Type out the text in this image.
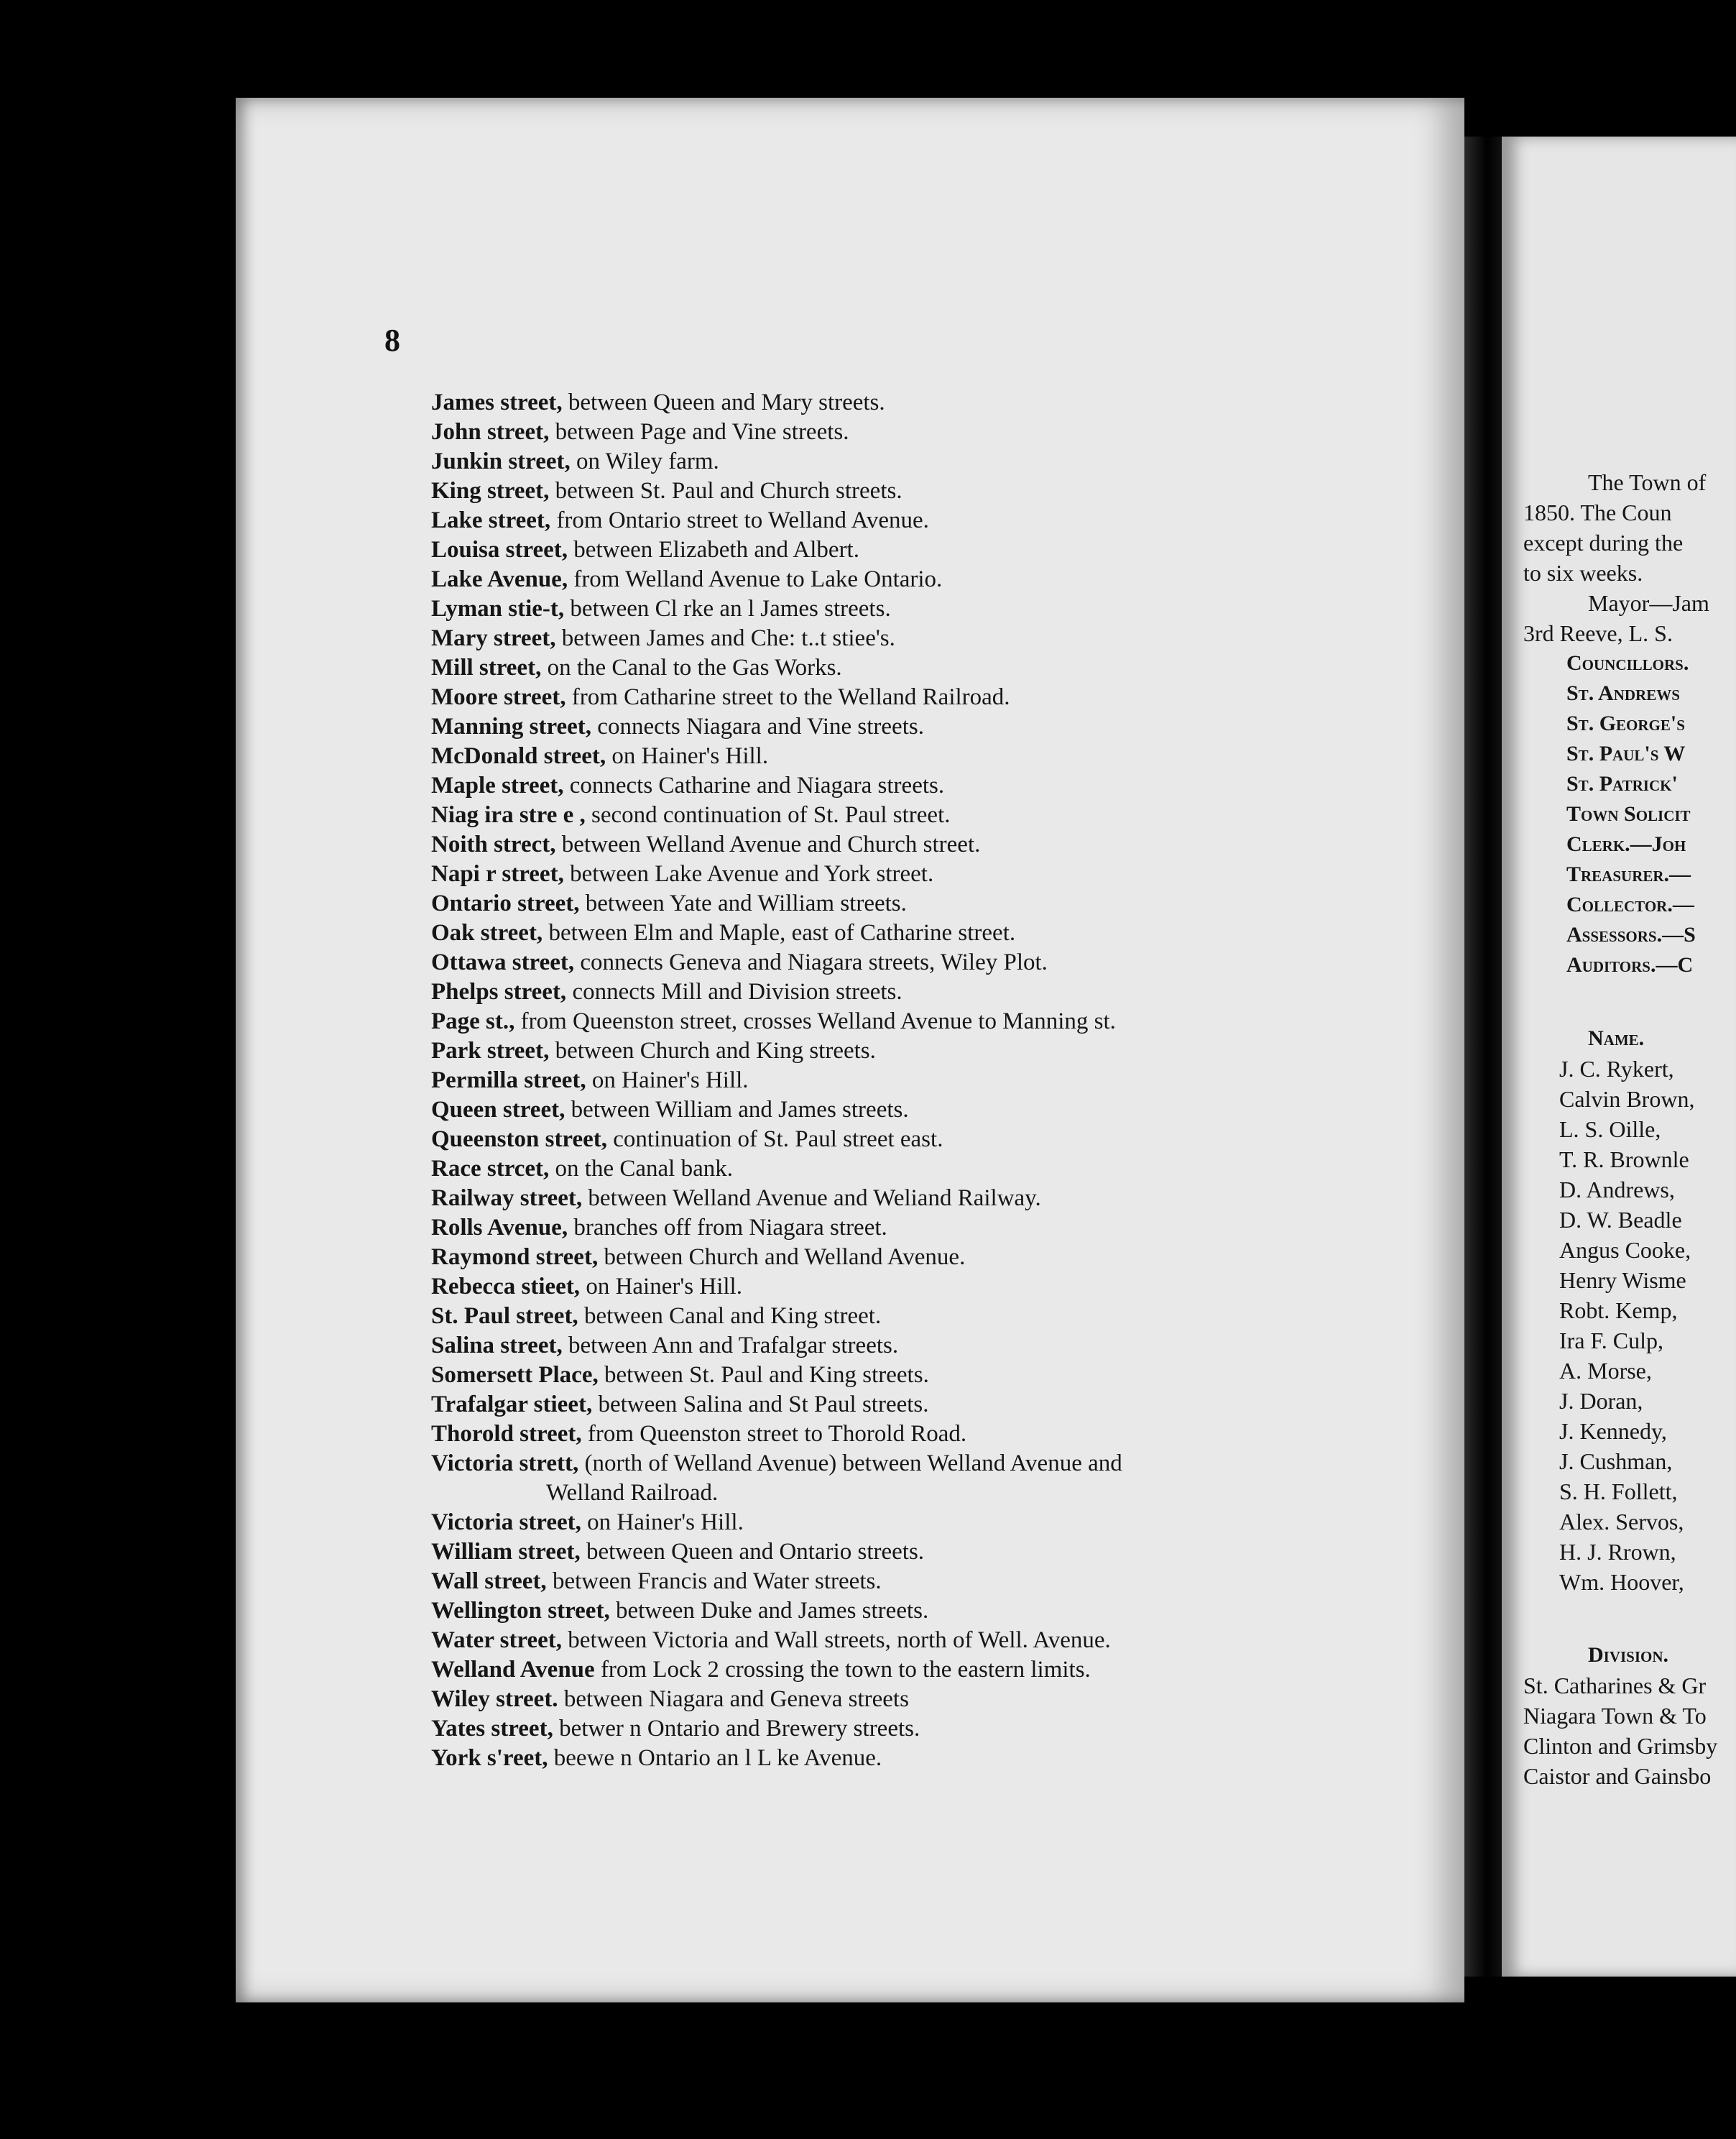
The Town of
1850. The Coun
except during the
to six weeks.
Mayor—Jam
3rd Reeve, L. S.
Councillors.
St. Andrews
St. George's
St. Paul's W
St. Patrick'
Town Solicit
Clerk.—Joh
Treasurer.—
Collector.—
Assessors.—S
Auditors.—C
Name.
J. C. Rykert,
Calvin Brown,
L. S. Oille,
T. R. Brownle
D. Andrews,
D. W. Beadle
Angus Cooke,
Henry Wisme
Robt. Kemp,
Ira F. Culp,
A. Morse,
J. Doran,
J. Kennedy,
J. Cushman,
S. H. Follett,
Alex. Servos,
H. J. Rrown,
Wm. Hoover,
Division.
St. Catharines & Gr
Niagara Town & To
Clinton and Grimsby
Caistor and Gainsbo
8
James street, between Queen and Mary streets.
John street, between Page and Vine streets.
Junkin street, on Wiley farm.
King street, between St. Paul and Church streets.
Lake street, from Ontario street to Welland Avenue.
Louisa street, between Elizabeth and Albert.
Lake Avenue, from Welland Avenue to Lake Ontario.
Lyman stie-t, between Cl rke an l James streets.
Mary street, between James and Che: t..t stiee's.
Mill street, on the Canal to the Gas Works.
Moore street, from Catharine street to the Welland Railroad.
Manning street, connects Niagara and Vine streets.
McDonald street, on Hainer's Hill.
Maple street, connects Catharine and Niagara streets.
Niag ira stre e , second continuation of St. Paul street.
Noith strect, between Welland Avenue and Church street.
Napi r street, between Lake Avenue and York street.
Ontario street, between Yate and William streets.
Oak street, between Elm and Maple, east of Catharine street.
Ottawa street, connects Geneva and Niagara streets, Wiley Plot.
Phelps street, connects Mill and Division streets.
Page st., from Queenston street, crosses Welland Avenue to Manning st.
Park street, between Church and King streets.
Permilla street, on Hainer's Hill.
Queen street, between William and James streets.
Queenston street, continuation of St. Paul street east.
Race strcet, on the Canal bank.
Railway street, between Welland Avenue and Weliand Railway.
Rolls Avenue, branches off from Niagara street.
Raymond street, between Church and Welland Avenue.
Rebecca stieet, on Hainer's Hill.
St. Paul street, between Canal and King street.
Salina street, between Ann and Trafalgar streets.
Somersett Place, between St. Paul and King streets.
Trafalgar stieet, between Salina and St Paul streets.
Thorold street, from Queenston street to Thorold Road.
Victoria strett, (north of Welland Avenue) between Welland Avenue and
Welland Railroad.
Victoria street, on Hainer's Hill.
William street, between Queen and Ontario streets.
Wall street, between Francis and Water streets.
Wellington street, between Duke and James streets.
Water street, between Victoria and Wall streets, north of Well. Avenue.
Welland Avenue from Lock 2 crossing the town to the eastern limits.
Wiley street. between Niagara and Geneva streets
Yates street, betwer n Ontario and Brewery streets.
York s'reet, beewe n Ontario an l L ke Avenue.
